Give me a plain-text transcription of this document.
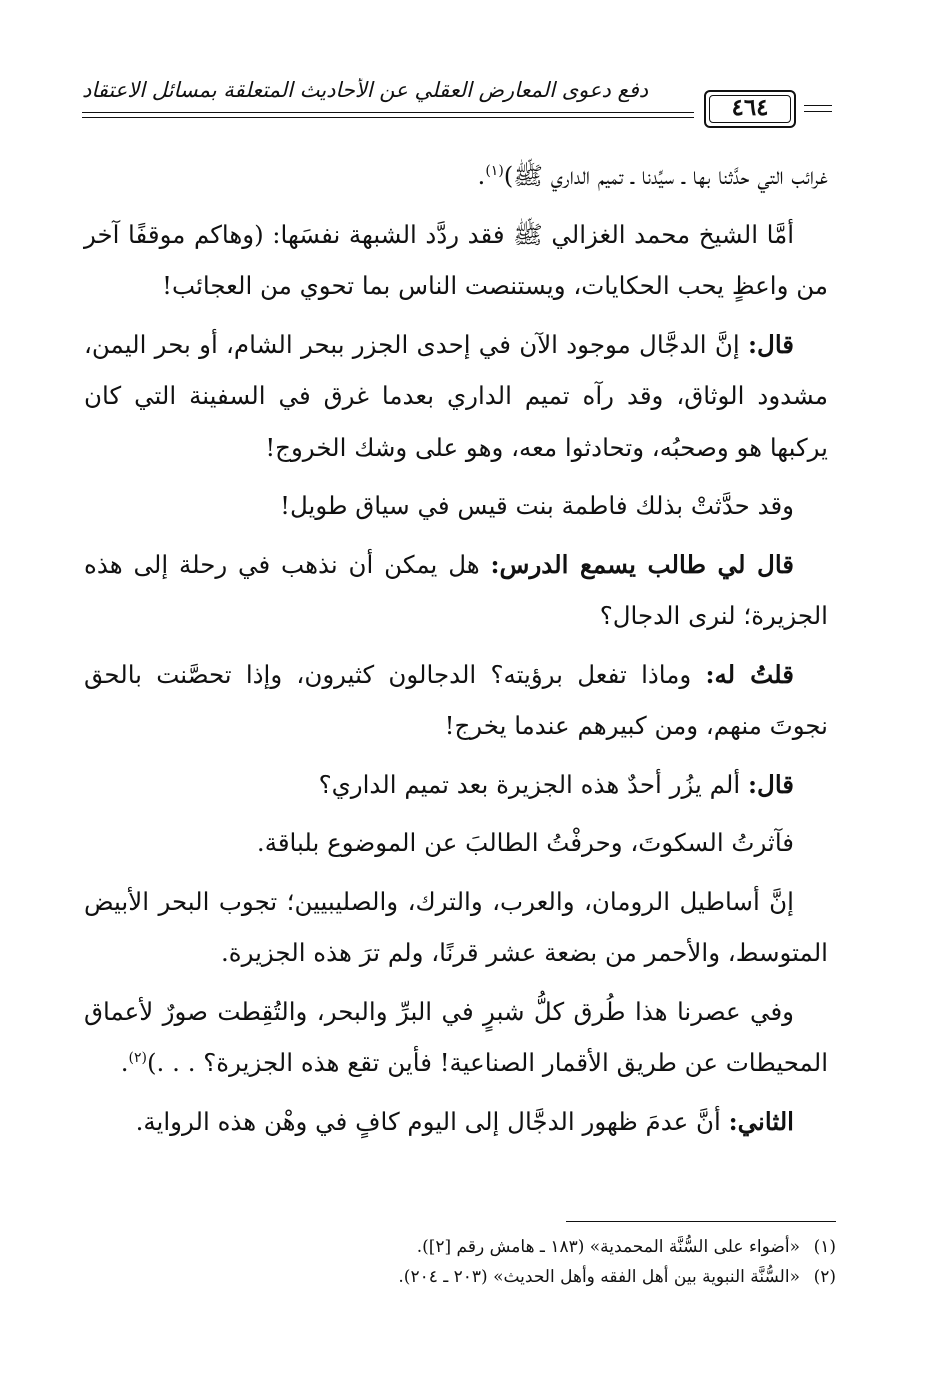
دفع دعوى المعارض العقلي عن الأحاديث المتعلقة بمسائل الاعتقاد
٤٦٤

غرائب التي حدَّثنا بها ـ سيِّدنا ـ تميم الداري ﷺ)$^{(١)}$.

أمَّا الشيخ محمد الغزالي ﷺ فقد ردَّد الشبهة نفسَها: (وهاكم موقفًا آخر من واعظٍ يحب الحكايات، ويستنصت الناس بما تحوي من العجائب!

قال: إنَّ الدجَّال موجود الآن في إحدى الجزر ببحر الشام، أو بحر اليمن، مشدود الوثاق، وقد رآه تميم الداري بعدما غرق في السفينة التي كان يركبها هو وصحبُه، وتحادثوا معه، وهو على وشك الخروج!

وقد حدَّثتْ بذلك فاطمة بنت قيس في سياق طويل!

قال لي طالب يسمع الدرس: هل يمكن أن نذهب في رحلة إلى هذه الجزيرة؛ لنرى الدجال؟

قلتُ له: وماذا تفعل برؤيته؟ الدجالون كثيرون، وإذا تحصَّنت بالحق نجوتَ منهم، ومن كبيرهم عندما يخرج!

قال: ألم يزُر أحدٌ هذه الجزيرة بعد تميم الداري؟

فآثرتُ السكوتَ، وحرفْتُ الطالبَ عن الموضوع بلباقة.

إنَّ أساطيل الرومان، والعرب، والترك، والصليبيين؛ تجوب البحر الأبيض المتوسط، والأحمر من بضعة عشر قرنًا، ولم ترَ هذه الجزيرة.

وفي عصرنا هذا طُرق كلُّ شبرٍ في البرِّ والبحر، والتُقِطت صورٌ لأعماق المحيطات عن طريق الأقمار الصناعية! فأين تقع هذه الجزيرة؟ . . .)$^{(٢)}$.

الثاني: أنَّ عدمَ ظهور الدجَّال إلى اليوم كافٍ في وهْن هذه الرواية.

(١)
«أضواء على السُّنَّة المحمدية» (١٨٣ ـ هامش رقم [٢]).
(٢)
«السُّنَّة النبوية بين أهل الفقه وأهل الحديث» (٢٠٣ ـ ٢٠٤).
